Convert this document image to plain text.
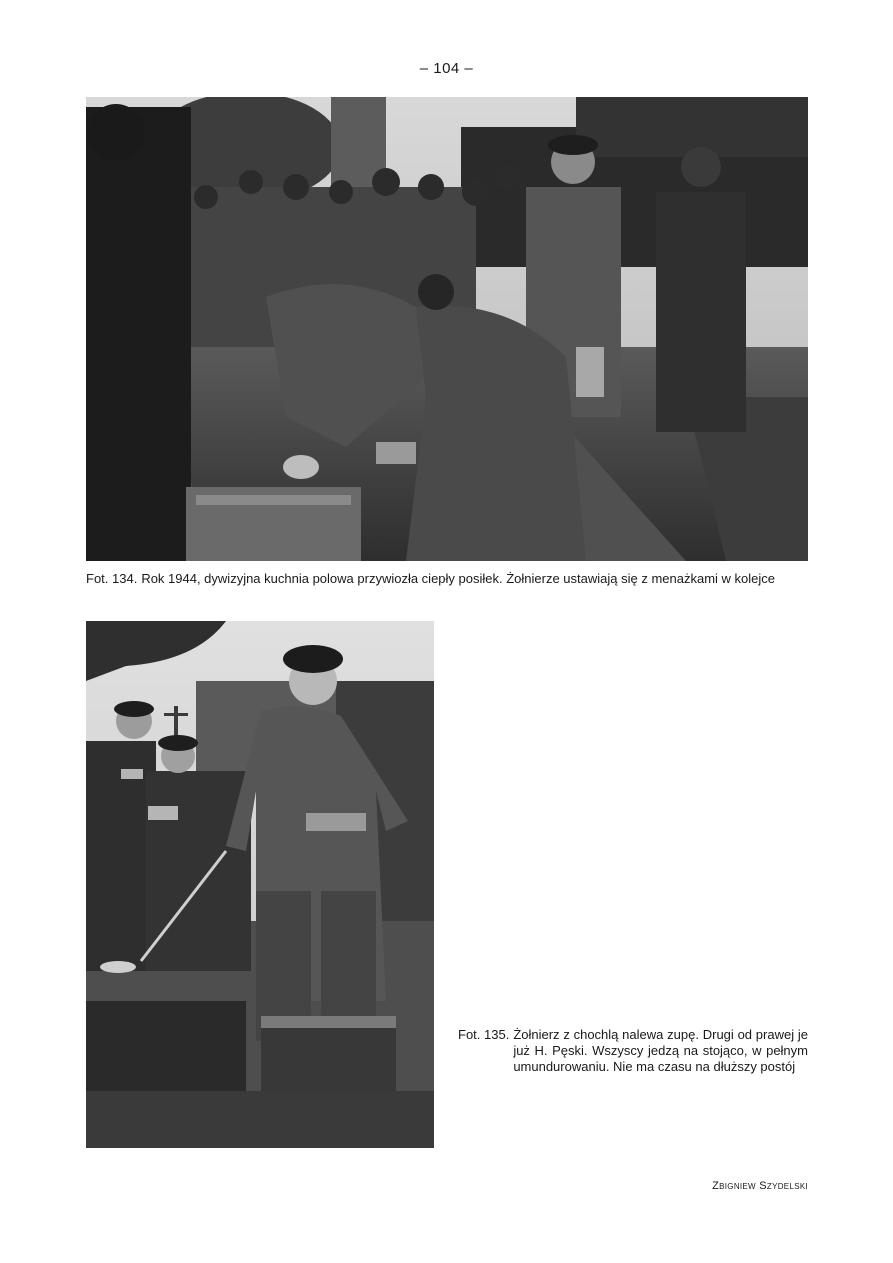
– 104 –
Fot. 134. Rok 1944, dywizyjna kuchnia polowa przywiozła ciepły posiłek. Żołnierze ustawiają się z menażkami w kolejce
Fot. 135. Żołnierz z chochlą nalewa zupę. Drugi od prawej je już H. Pęski. Wszyscy jedzą na stojąco, w pełnym umundurowaniu. Nie ma czasu na dłuższy postój
Zbigniew Szydelski
